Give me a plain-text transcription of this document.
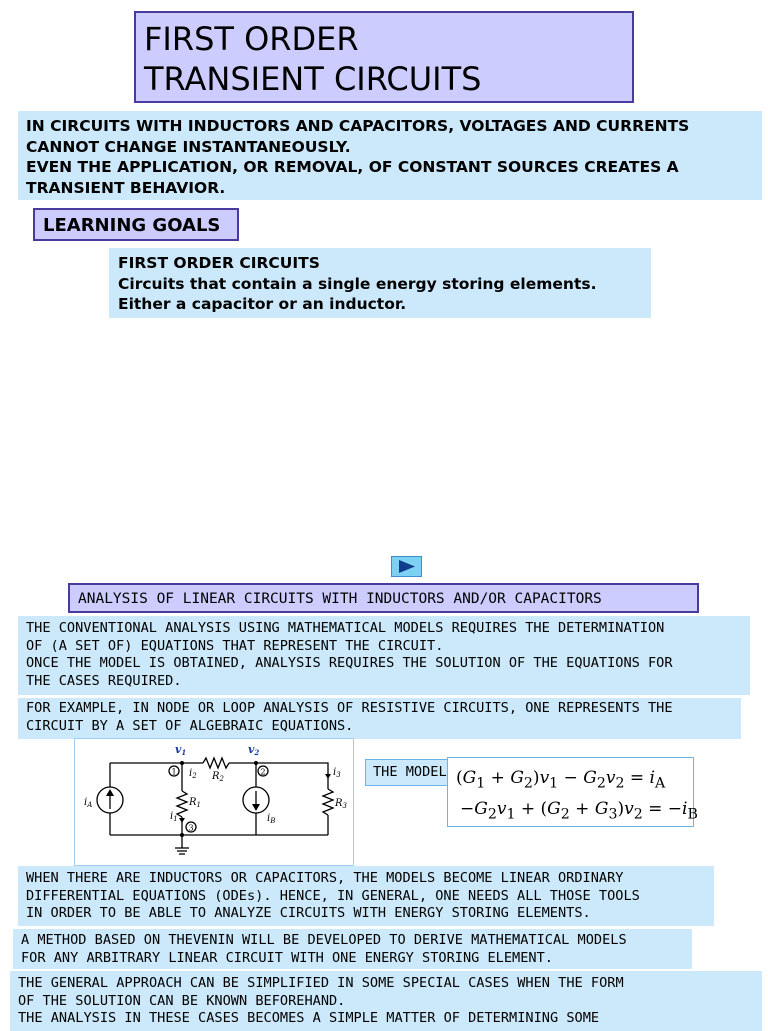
FIRST ORDER
TRANSIENT CIRCUITS
IN CIRCUITS WITH INDUCTORS AND CAPACITORS, VOLTAGES AND CURRENTS
CANNOT CHANGE INSTANTANEOUSLY.
EVEN THE APPLICATION, OR REMOVAL, OF CONSTANT SOURCES CREATES A
TRANSIENT BEHAVIOR.
LEARNING GOALS
FIRST ORDER CIRCUITS
Circuits that contain a single energy storing elements.
Either a capacitor or an inductor.
ANALYSIS OF LINEAR CIRCUITS WITH INDUCTORS AND/OR CAPACITORS
THE CONVENTIONAL ANALYSIS USING MATHEMATICAL MODELS REQUIRES THE DETERMINATION
OF (A SET OF) EQUATIONS THAT REPRESENT THE CIRCUIT.
ONCE THE MODEL IS OBTAINED, ANALYSIS REQUIRES THE SOLUTION OF THE EQUATIONS FOR
THE CASES REQUIRED.
FOR EXAMPLE, IN NODE OR LOOP ANALYSIS OF RESISTIVE CIRCUITS, ONE REPRESENTS THE
CIRCUIT BY A SET OF ALGEBRAIC EQUATIONS.
v1	v2
1	2
3
$R_2$
$R_1$	$R_3$
$i_A$
$i_B$
$i_1$
$i_2$	$i_3$	THE MODEL $(G_1 + G_2)v_1 - G_2v_2 = i_A$
$-G_2v_1 + (G_2 + G_3)v_2 = -i_B$
WHEN THERE ARE INDUCTORS OR CAPACITORS, THE MODELS BECOME LINEAR ORDINARY
DIFFERENTIAL EQUATIONS (ODEs). HENCE, IN GENERAL, ONE NEEDS ALL THOSE TOOLS
IN ORDER TO BE ABLE TO ANALYZE CIRCUITS WITH ENERGY STORING ELEMENTS.
A METHOD BASED ON THEVENIN WILL BE DEVELOPED TO DERIVE MATHEMATICAL MODELS
FOR ANY ARBITRARY LINEAR CIRCUIT WITH ONE ENERGY STORING ELEMENT.
THE GENERAL APPROACH CAN BE SIMPLIFIED IN SOME SPECIAL CASES WHEN THE FORM
OF THE SOLUTION CAN BE KNOWN BEFOREHAND.
THE ANALYSIS IN THESE CASES BECOMES A SIMPLE MATTER OF DETERMINING SOME
